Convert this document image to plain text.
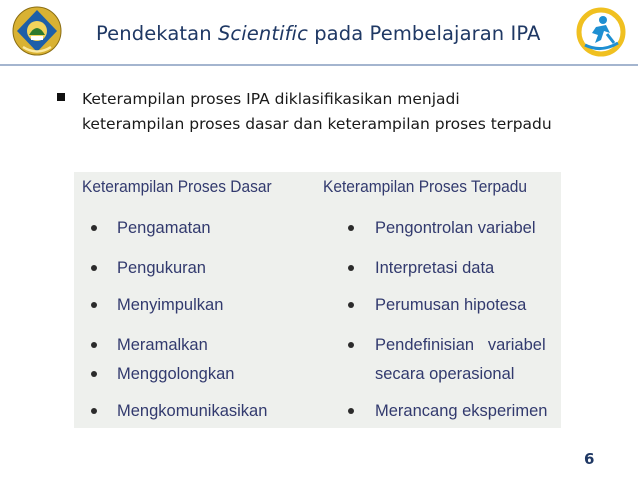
Pendekatan Scientific pada Pembelajaran IPA
Keterampilan proses IPA diklasifikasikan menjadi
keterampilan proses dasar dan keterampilan proses terpadu
Keterampilan Proses Dasar	Keterampilan Proses Terpadu
Pengamatan
Pengukuran
Menyimpulkan
Meramalkan
Menggolongkan
Mengkomunikasikan
Pengontrolan variabel
Interpretasi data
Perumusan hipotesa
Pendefinisian   variabel
secara operasional
Merancang eksperimen
6
